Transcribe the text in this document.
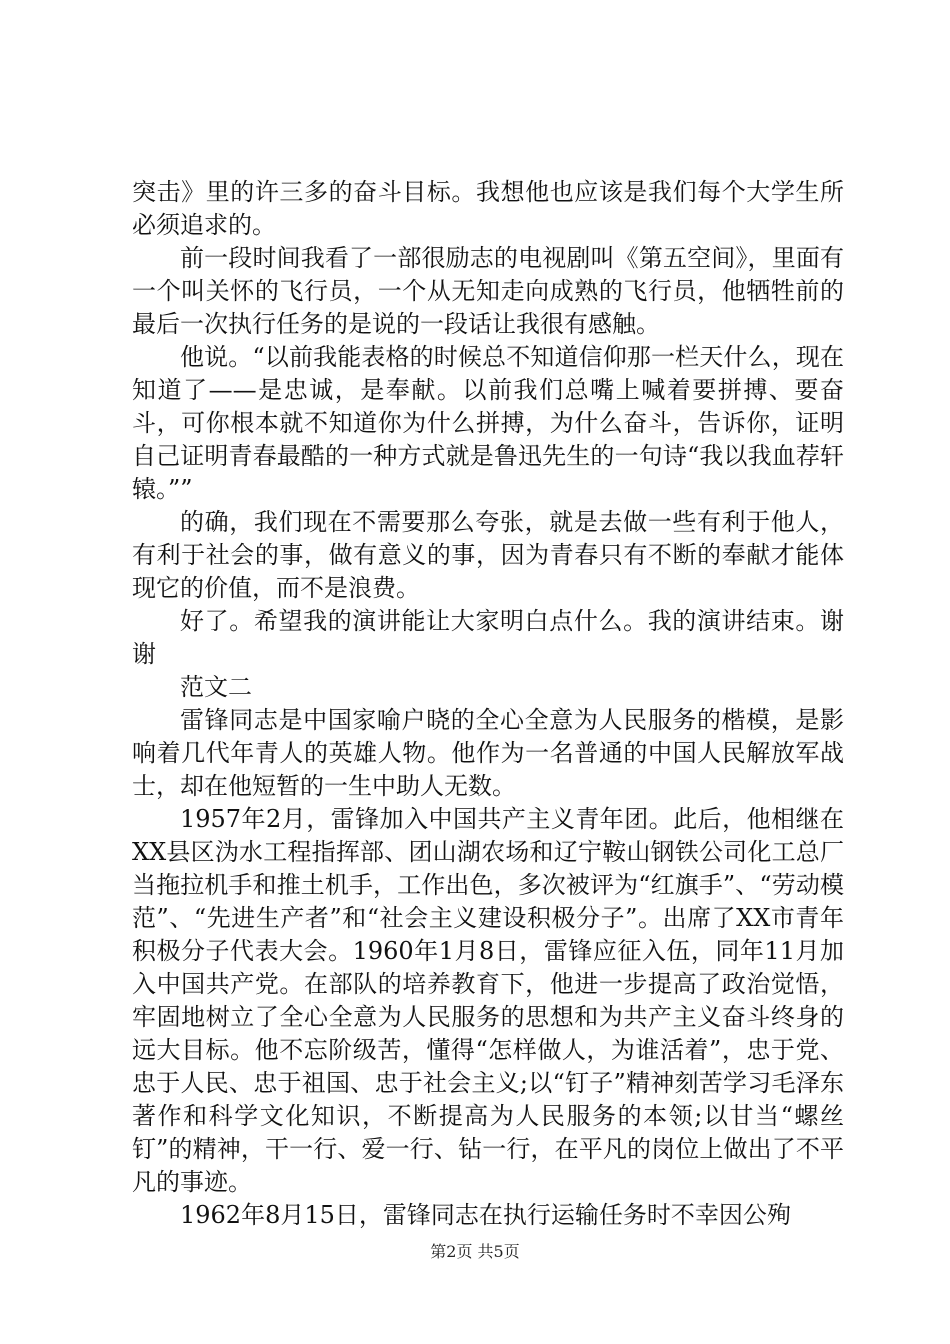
突击》里的许三多的奋斗目标。我想他也应该是我们每个大学生所必须追求的。

前一段时间我看了一部很励志的电视剧叫《第五空间》，里面有一个叫关怀的飞行员，一个从无知走向成熟的飞行员，他牺牲前的最后一次执行任务的是说的一段话让我很有感触。

他说。“以前我能表格的时候总不知道信仰那一栏天什么，现在知道了——是忠诚，是奉献。以前我们总嘴上喊着要拼搏、要奋斗，可你根本就不知道你为什么拼搏，为什么奋斗，告诉你，证明自己证明青春最酷的一种方式就是鲁迅先生的一句诗“我以我血荐轩辕。””

的确，我们现在不需要那么夸张，就是去做一些有利于他人，有利于社会的事，做有意义的事，因为青春只有不断的奉献才能体现它的价值，而不是浪费。

好了。希望我的演讲能让大家明白点什么。我的演讲结束。谢谢

范文二

雷锋同志是中国家喻户晓的全心全意为人民服务的楷模，是影响着几代年青人的英雄人物。他作为一名普通的中国人民解放军战士，却在他短暂的一生中助人无数。

1957年2月，雷锋加入中国共产主义青年团。此后，他相继在XX县区沩水工程指挥部、团山湖农场和辽宁鞍山钢铁公司化工总厂当拖拉机手和推土机手，工作出色，多次被评为“红旗手”、“劳动模范”、“先进生产者”和“社会主义建设积极分子”。出席了XX市青年积极分子代表大会。1960年1月8日，雷锋应征入伍，同年11月加入中国共产党。在部队的培养教育下，他进一步提高了政治觉悟，牢固地树立了全心全意为人民服务的思想和为共产主义奋斗终身的远大目标。他不忘阶级苦，懂得“怎样做人，为谁活着”，忠于党、忠于人民、忠于祖国、忠于社会主义;以“钉子”精神刻苦学习毛泽东著作和科学文化知识，不断提高为人民服务的本领;以甘当“螺丝钉”的精神，干一行、爱一行、钻一行，在平凡的岗位上做出了不平凡的事迹。

1962年8月15日，雷锋同志在执行运输任务时不幸因公殉

第2页 共5页
